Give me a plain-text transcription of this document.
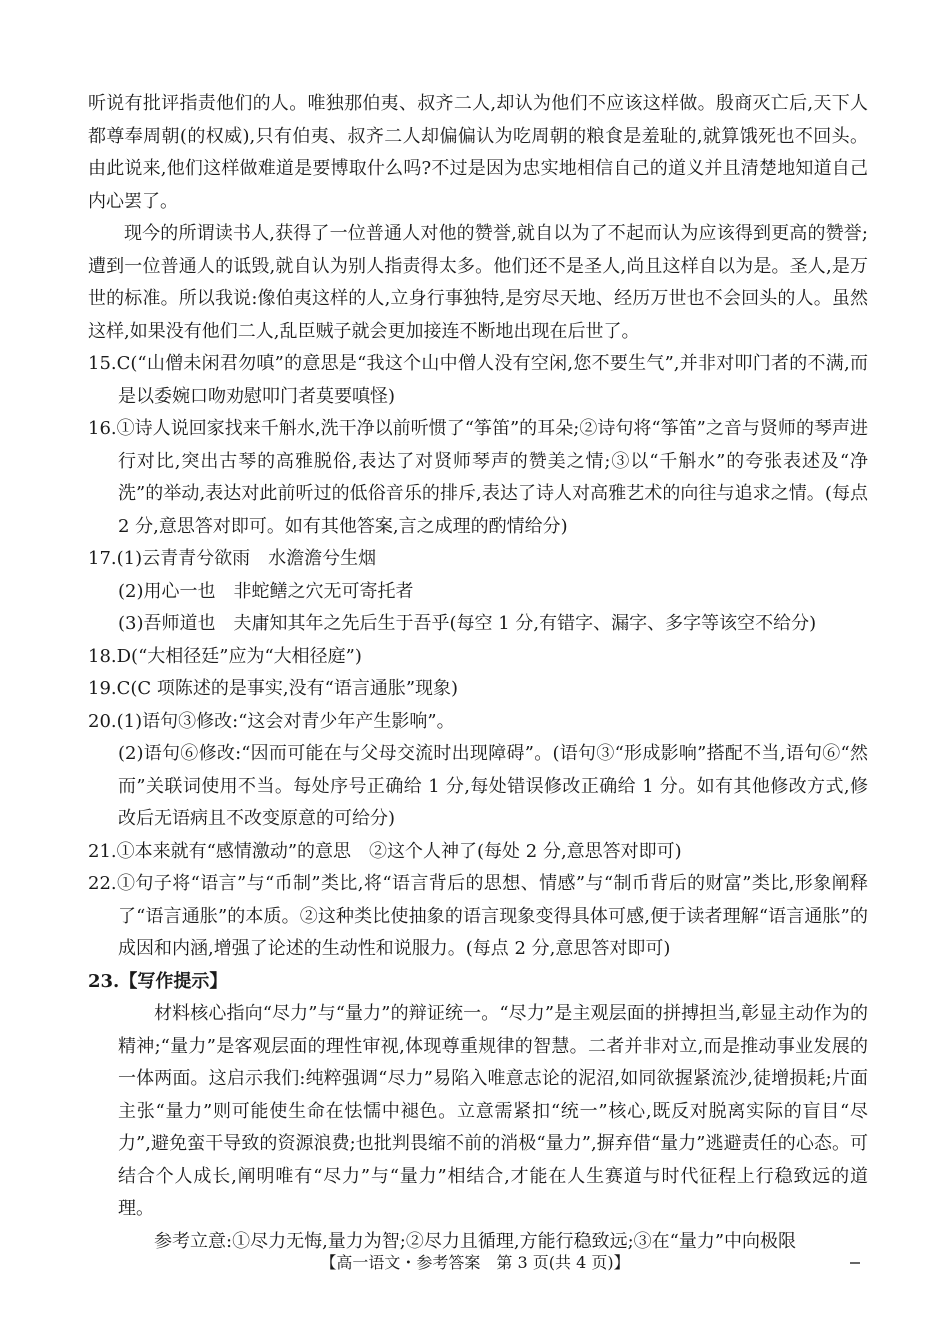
听说有批评指责他们的人。唯独那伯夷、叔齐二人,却认为他们不应该这样做。殷商灭亡后,天下人都尊奉周朝(的权威),只有伯夷、叔齐二人却偏偏认为吃周朝的粮食是羞耻的,就算饿死也不回头。由此说来,他们这样做难道是要博取什么吗?不过是因为忠实地相信自己的道义并且清楚地知道自己内心罢了。

现今的所谓读书人,获得了一位普通人对他的赞誉,就自以为了不起而认为应该得到更高的赞誉;遭到一位普通人的诋毁,就自认为别人指责得太多。他们还不是圣人,尚且这样自以为是。圣人,是万世的标准。所以我说:像伯夷这样的人,立身行事独特,是穷尽天地、经历万世也不会回头的人。虽然这样,如果没有他们二人,乱臣贼子就会更加接连不断地出现在后世了。

15.C(“山僧未闲君勿嗔”的意思是“我这个山中僧人没有空闲,您不要生气”,并非对叩门者的不满,而是以委婉口吻劝慰叩门者莫要嗔怪)

16.①诗人说回家找来千斛水,洗干净以前听惯了“筝笛”的耳朵;②诗句将“筝笛”之音与贤师的琴声进行对比,突出古琴的高雅脱俗,表达了对贤师琴声的赞美之情;③以“千斛水”的夸张表述及“净洗”的举动,表达对此前听过的低俗音乐的排斥,表达了诗人对高雅艺术的向往与追求之情。(每点 2 分,意思答对即可。如有其他答案,言之成理的酌情给分)

17.(1)云青青兮欲雨　水澹澹兮生烟

(2)用心一也　非蛇鳝之穴无可寄托者

(3)吾师道也　夫庸知其年之先后生于吾乎(每空 1 分,有错字、漏字、多字等该空不给分)

18.D(“大相径廷”应为“大相径庭”)

19.C(C 项陈述的是事实,没有“语言通胀”现象)

20.(1)语句③修改:“这会对青少年产生影响”。

(2)语句⑥修改:“因而可能在与父母交流时出现障碍”。(语句③“形成影响”搭配不当,语句⑥“然而”关联词使用不当。每处序号正确给 1 分,每处错误修改正确给 1 分。如有其他修改方式,修改后无语病且不改变原意的可给分)

21.①本来就有“感情激动”的意思　②这个人神了(每处 2 分,意思答对即可)

22.①句子将“语言”与“币制”类比,将“语言背后的思想、情感”与“制币背后的财富”类比,形象阐释了“语言通胀”的本质。②这种类比使抽象的语言现象变得具体可感,便于读者理解“语言通胀”的成因和内涵,增强了论述的生动性和说服力。(每点 2 分,意思答对即可)

23.【写作提示】

材料核心指向“尽力”与“量力”的辩证统一。“尽力”是主观层面的拼搏担当,彰显主动作为的精神;“量力”是客观层面的理性审视,体现尊重规律的智慧。二者并非对立,而是推动事业发展的一体两面。这启示我们:纯粹强调“尽力”易陷入唯意志论的泥沼,如同欲握紧流沙,徒增损耗;片面主张“量力”则可能使生命在怯懦中褪色。立意需紧扣“统一”核心,既反对脱离实际的盲目“尽力”,避免蛮干导致的资源浪费;也批判畏缩不前的消极“量力”,摒弃借“量力”逃避责任的心态。可结合个人成长,阐明唯有“尽力”与“量力”相结合,才能在人生赛道与时代征程上行稳致远的道理。

参考立意:①尽力无悔,量力为智;②尽力且循理,方能行稳致远;③在“量力”中向极限

【高一语文・参考答案　第 3 页(共 4 页)】
